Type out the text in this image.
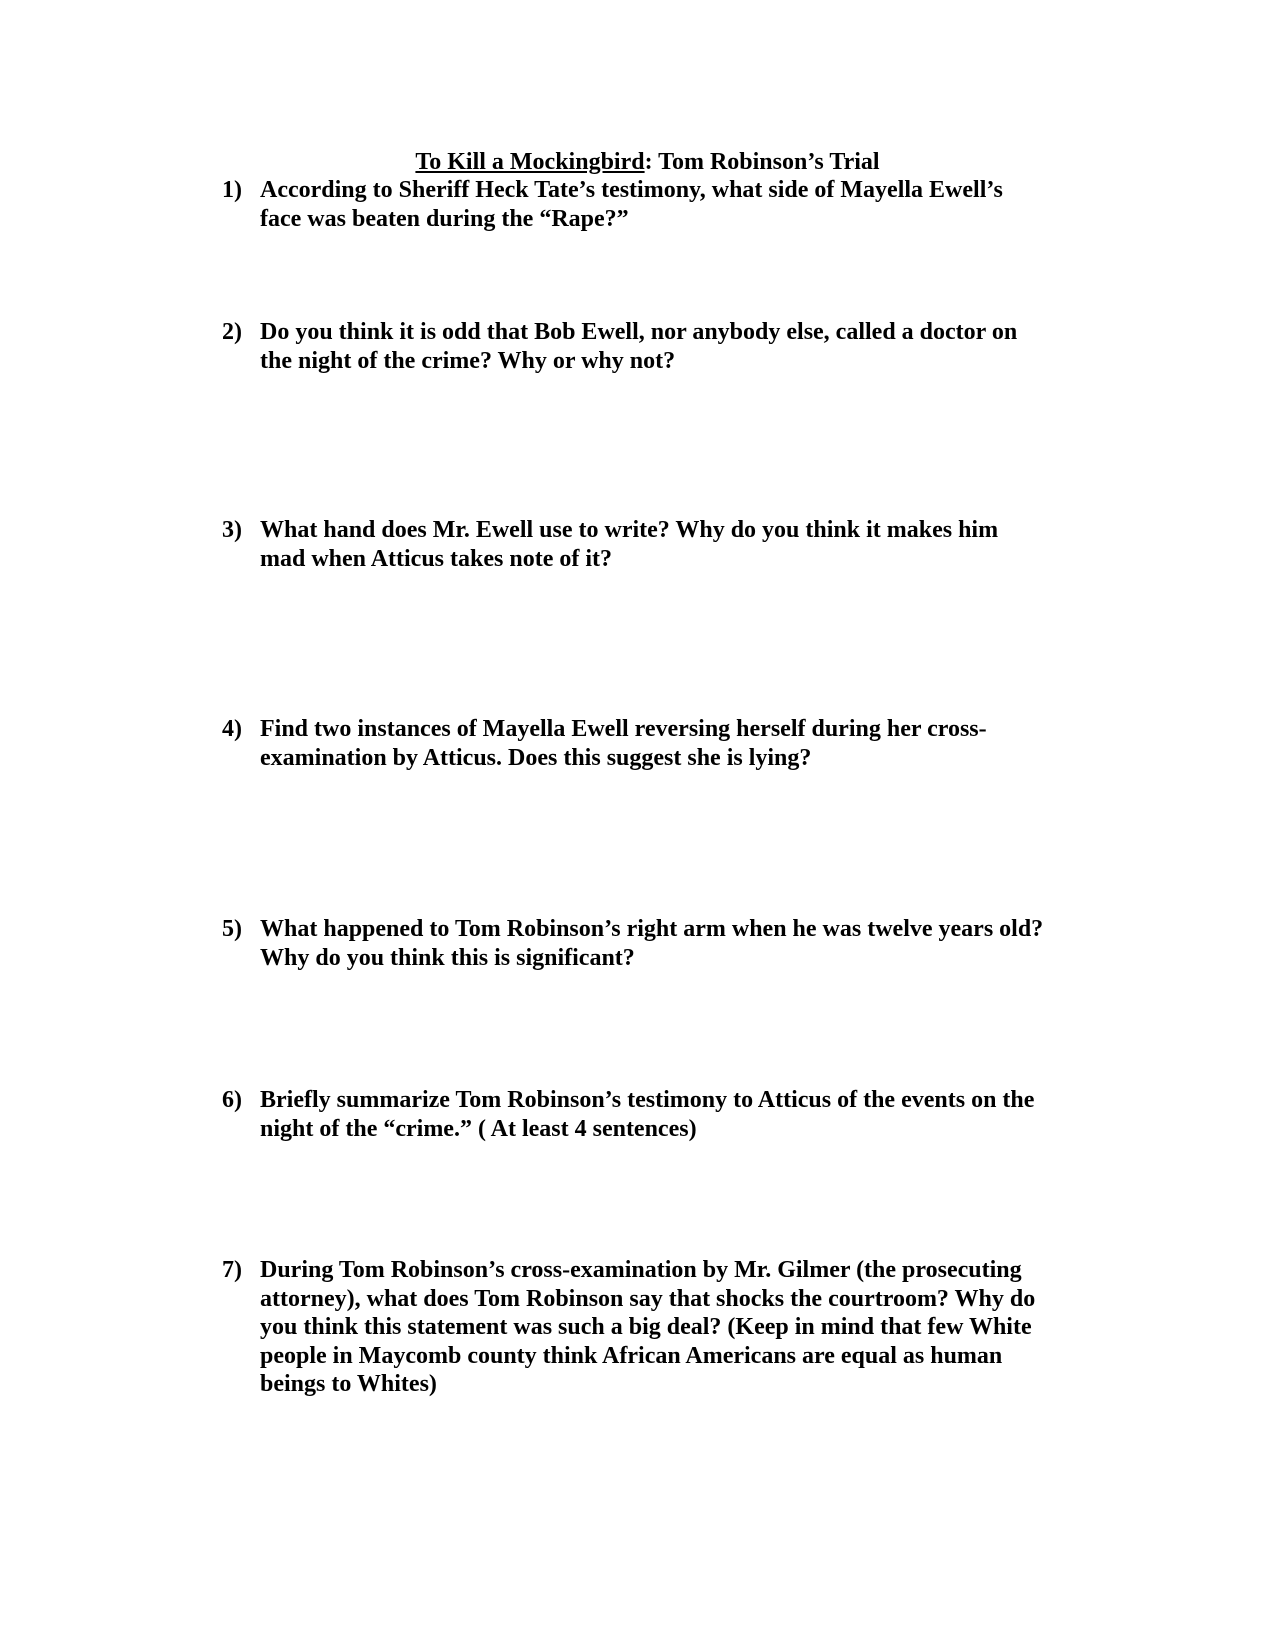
To Kill a Mockingbird: Tom Robinson’s Trial
1) According to Sheriff Heck Tate’s testimony, what side of Mayella Ewell’s
face was beaten during the “Rape?”
2) Do you think it is odd that Bob Ewell, nor anybody else, called a doctor on
the night of the crime? Why or why not?
3) What hand does Mr. Ewell use to write? Why do you think it makes him
mad when Atticus takes note of it?
4) Find two instances of Mayella Ewell reversing herself during her cross-
examination by Atticus. Does this suggest she is lying?
5) What happened to Tom Robinson’s right arm when he was twelve years old?
Why do you think this is significant?
6) Briefly summarize Tom Robinson’s testimony to Atticus of the events on the
night of the “crime.” ( At least 4 sentences)
7) During Tom Robinson’s cross-examination by Mr. Gilmer (the prosecuting
attorney), what does Tom Robinson say that shocks the courtroom? Why do
you think this statement was such a big deal? (Keep in mind that few White
people in Maycomb county think African Americans are equal as human
beings to Whites)
